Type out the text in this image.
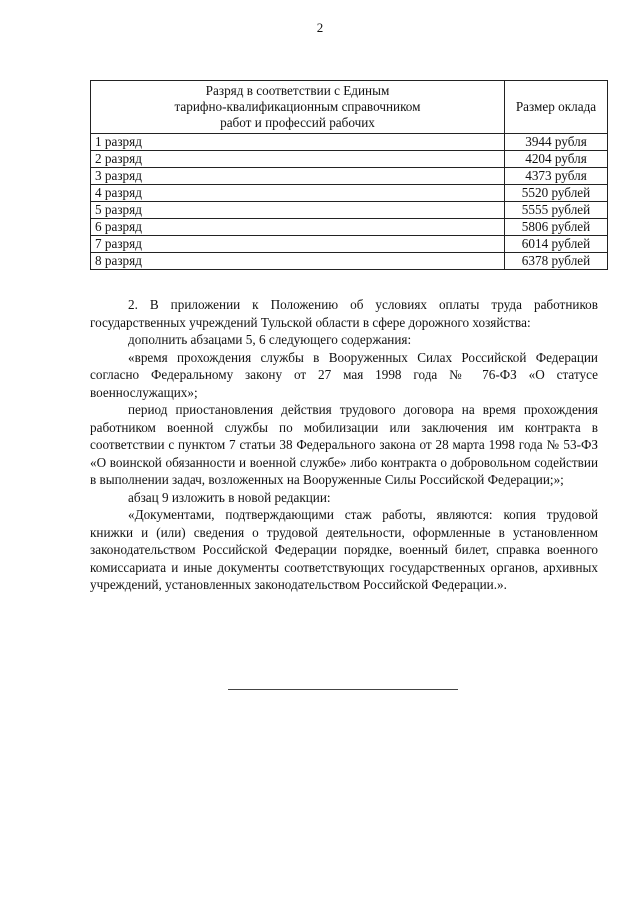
2
Разряд в соответствии с Единым
тарифно-квалификационным справочником
работ и профессий рабочих	Размер оклада
1 разряд	3944 рубля
2 разряд	4204 рубля
3 разряд	4373 рубля
4 разряд	5520 рублей
5 разряд	5555 рублей
6 разряд	5806 рублей
7 разряд	6014 рублей
8 разряд	6378 рублей

2. В приложении к Положению об условиях оплаты труда работников государственных учреждений Тульской области в сфере дорожного хозяйства:

дополнить абзацами 5, 6 следующего содержания:

«время прохождения службы в Вооруженных Силах Российской Федерации согласно Федеральному закону от 27 мая 1998 года № 76-ФЗ «О статусе военнослужащих»;

период приостановления действия трудового договора на время прохождения работником военной службы по мобилизации или заключения им контракта в соответствии с пунктом 7 статьи 38 Федерального закона от 28 марта 1998 года № 53-ФЗ «О воинской обязанности и военной службе» либо контракта о добровольном содействии в выполнении задач, возложенных на Вооруженные Силы Российской Федерации;»;

абзац 9 изложить в новой редакции:

«Документами, подтверждающими стаж работы, являются: копия трудовой книжки и (или) сведения о трудовой деятельности, оформленные в установленном законодательством Российской Федерации порядке, военный билет, справка военного комиссариата и иные документы соответствующих государственных органов, архивных учреждений, установленных законодательством Российской Федерации.».
